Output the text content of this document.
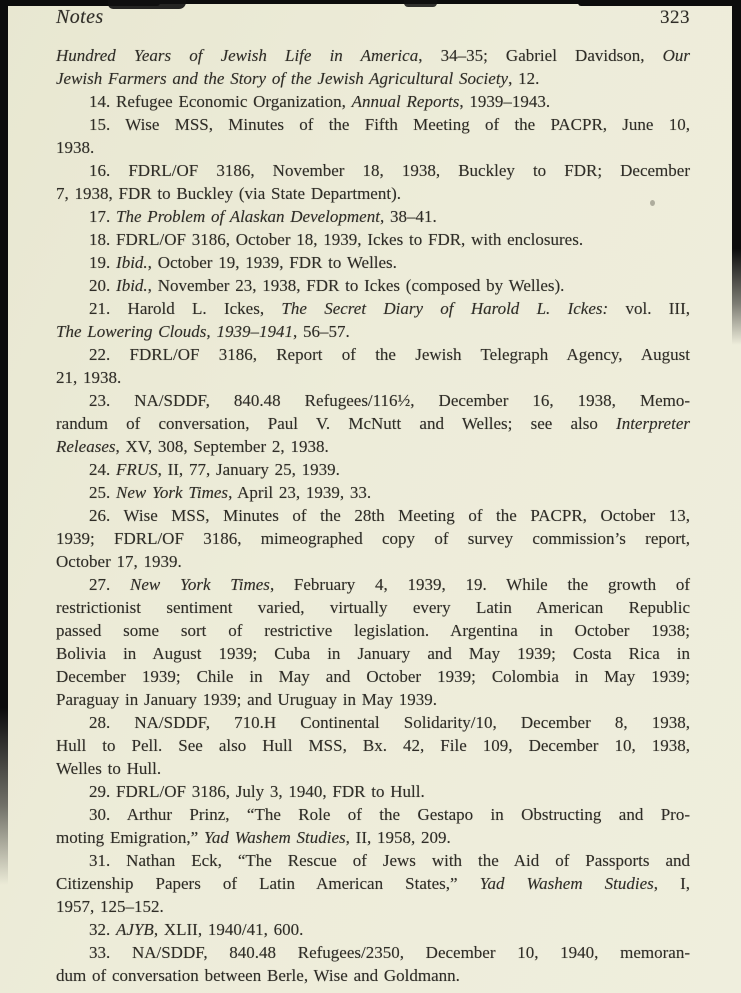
Notes	323
Hundred Years of Jewish Life in America, 34–35; Gabriel Davidson, Our
Jewish Farmers and the Story of the Jewish Agricultural Society, 12.
14. Refugee Economic Organization, Annual Reports, 1939–1943.
15. Wise MSS, Minutes of the Fifth Meeting of the PACPR, June 10,
1938.
16. FDRL/OF 3186, November 18, 1938, Buckley to FDR; December
7, 1938, FDR to Buckley (via State Department).
17. The Problem of Alaskan Development, 38–41.
18. FDRL/OF 3186, October 18, 1939, Ickes to FDR, with enclosures.
19. Ibid., October 19, 1939, FDR to Welles.
20. Ibid., November 23, 1938, FDR to Ickes (composed by Welles).
21. Harold L. Ickes, The Secret Diary of Harold L. Ickes: vol. III,
The Lowering Clouds, 1939–1941, 56–57.
22. FDRL/OF 3186, Report of the Jewish Telegraph Agency, August
21, 1938.
23. NA/SDDF, 840.48 Refugees/116½, December 16, 1938, Memo-
randum of conversation, Paul V. McNutt and Welles; see also Interpreter
Releases, XV, 308, September 2, 1938.
24. FRUS, II, 77, January 25, 1939.
25. New York Times, April 23, 1939, 33.
26. Wise MSS, Minutes of the 28th Meeting of the PACPR, October 13,
1939; FDRL/OF 3186, mimeographed copy of survey commission’s report,
October 17, 1939.
27. New York Times, February 4, 1939, 19. While the growth of
restrictionist sentiment varied, virtually every Latin American Republic
passed some sort of restrictive legislation. Argentina in October 1938;
Bolivia in August 1939; Cuba in January and May 1939; Costa Rica in
December 1939; Chile in May and October 1939; Colombia in May 1939;
Paraguay in January 1939; and Uruguay in May 1939.
28. NA/SDDF, 710.H Continental Solidarity/10, December 8, 1938,
Hull to Pell. See also Hull MSS, Bx. 42, File 109, December 10, 1938,
Welles to Hull.
29. FDRL/OF 3186, July 3, 1940, FDR to Hull.
30. Arthur Prinz, “The Role of the Gestapo in Obstructing and Pro-
moting Emigration,” Yad Washem Studies, II, 1958, 209.
31. Nathan Eck, “The Rescue of Jews with the Aid of Passports and
Citizenship Papers of Latin American States,” Yad Washem Studies, I,
1957, 125–152.
32. AJYB, XLII, 1940/41, 600.
33. NA/SDDF, 840.48 Refugees/2350, December 10, 1940, memoran-
dum of conversation between Berle, Wise and Goldmann.
